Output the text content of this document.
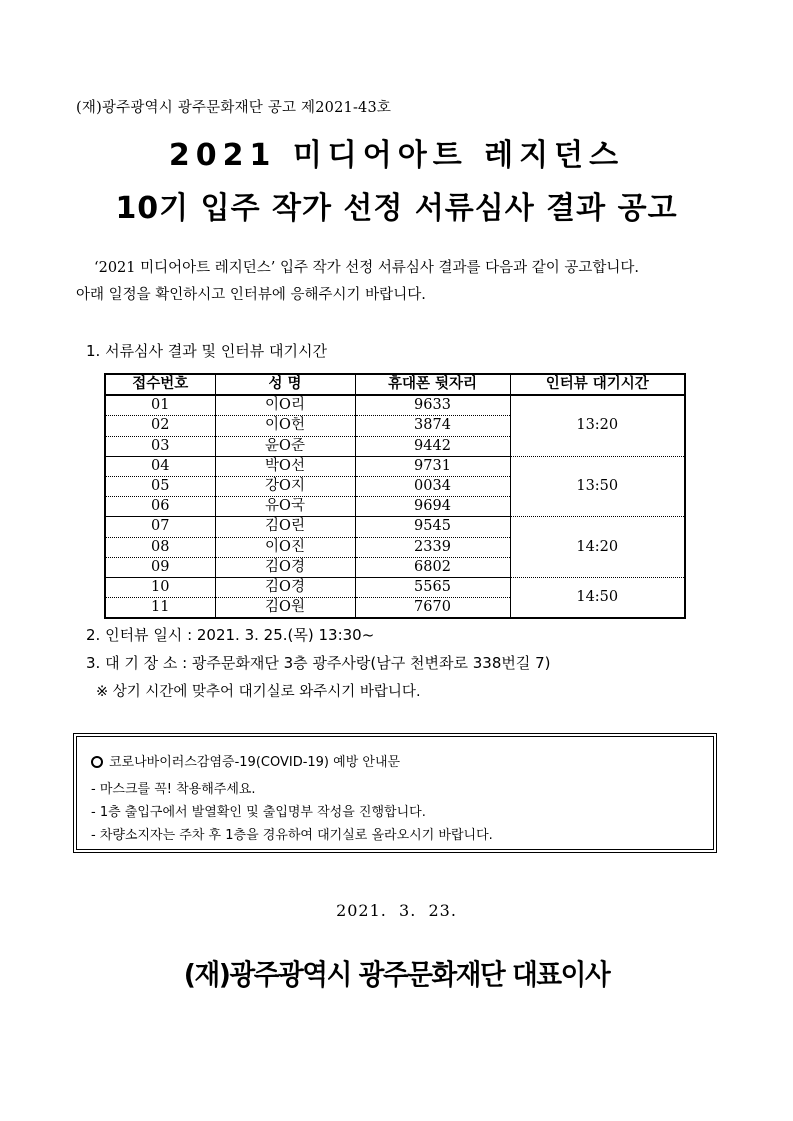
(재)광주광역시 광주문화재단 공고 제2021-43호
2021 미디어아트 레지던스
10기 입주 작가 선정 서류심사 결과 공고
‘2021 미디어아트 레지던스’ 입주 작가 선정 서류심사 결과를 다음과 같이 공고합니다.
아래 일정을 확인하시고 인터뷰에 응해주시기 바랍니다.
1. 서류심사 결과 및 인터뷰 대기시간
접수번호	성 명	휴대폰 뒷자리	인터뷰 대기시간
01	이O리	9633	13:20
02	이O헌	3874	
03	윤O준	9442	
04	박O선	9731	13:50
05	강O지	0034	
06	유O국	9694	
07	김O린	9545	14:20
08	이O진	2339	
09	김O경	6802	
10	김O경	5565	14:50
11	김O원	7670	
2. 인터뷰 일시 : 2021. 3. 25.(목) 13:30~
3. 대 기 장 소 : 광주문화재단 3층 광주사랑(남구 천변좌로 338번길 7)
※ 상기 시간에 맞추어 대기실로 와주시기 바랍니다.
코로나바이러스감염증-19(COVID-19) 예방 안내문
- 마스크를 꼭! 착용해주세요.
- 1층 출입구에서 발열확인 및 출입명부 작성을 진행합니다.
- 차량소지자는 주차 후 1층을 경유하여 대기실로 올라오시기 바랍니다.
2021.  3.  23.
(재)광주광역시 광주문화재단 대표이사
